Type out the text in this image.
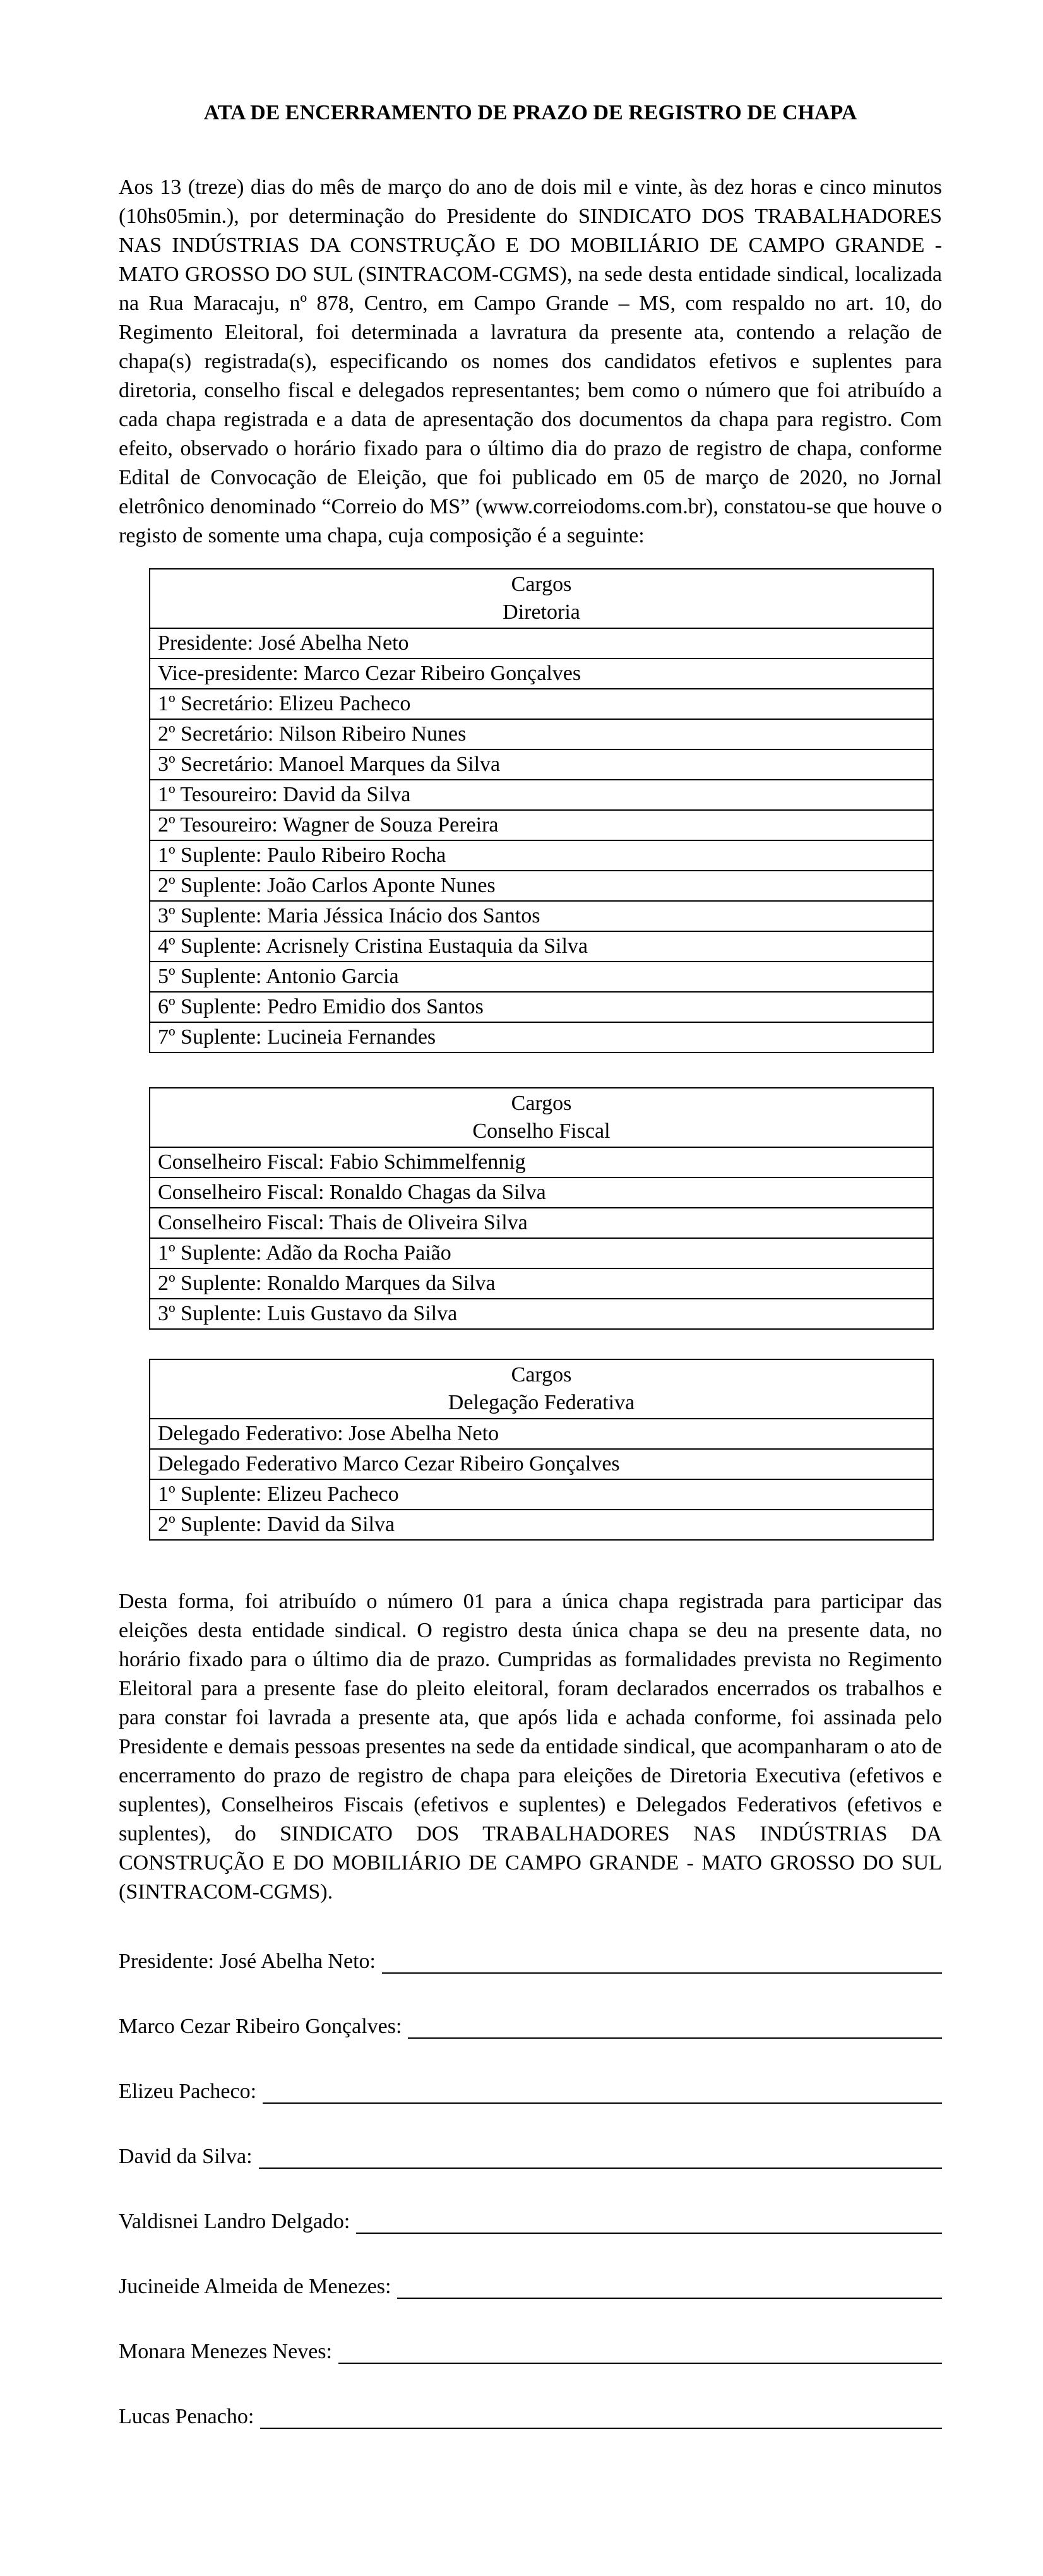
ATA DE ENCERRAMENTO DE PRAZO DE REGISTRO DE CHAPA

Aos 13 (treze) dias do mês de março do ano de dois mil e vinte, às dez horas e cinco minutos (10hs05min.), por determinação do Presidente do SINDICATO DOS TRABALHADORES NAS INDÚSTRIAS DA CONSTRUÇÃO E DO MOBILIÁRIO DE CAMPO GRANDE - MATO GROSSO DO SUL (SINTRACOM-CGMS), na sede desta entidade sindical, localizada na Rua Maracaju, nº 878, Centro, em Campo Grande – MS, com respaldo no art. 10, do Regimento Eleitoral, foi determinada a lavratura da presente ata, contendo a relação de chapa(s) registrada(s), especificando os nomes dos candidatos efetivos e suplentes para diretoria, conselho fiscal e delegados representantes; bem como o número que foi atribuído a cada chapa registrada e a data de apresentação dos documentos da chapa para registro. Com efeito, observado o horário fixado para o último dia do prazo de registro de chapa, conforme Edital de Convocação de Eleição, que foi publicado em 05 de março de 2020, no Jornal eletrônico denominado “Correio do MS” (www.correiodoms.com.br), constatou-se que houve o registo de somente uma chapa, cuja composição é a seguinte:

Cargos
Diretoria

Presidente: José Abelha Neto
Vice-presidente: Marco Cezar Ribeiro Gonçalves
1º Secretário: Elizeu Pacheco
2º Secretário: Nilson Ribeiro Nunes
3º Secretário: Manoel Marques da Silva
1º Tesoureiro: David da Silva
2º Tesoureiro: Wagner de Souza Pereira
1º Suplente: Paulo Ribeiro Rocha
2º Suplente: João Carlos Aponte Nunes
3º Suplente: Maria Jéssica Inácio dos Santos
4º Suplente: Acrisnely Cristina Eustaquia da Silva
5º Suplente: Antonio Garcia
6º Suplente: Pedro Emidio dos Santos
7º Suplente: Lucineia Fernandes
Cargos
Conselho Fiscal

Conselheiro Fiscal: Fabio Schimmelfennig
Conselheiro Fiscal: Ronaldo Chagas da Silva
Conselheiro Fiscal: Thais de Oliveira Silva
1º Suplente: Adão da Rocha Paião
2º Suplente: Ronaldo Marques da Silva
3º Suplente: Luis Gustavo da Silva
Cargos
Delegação Federativa

Delegado Federativo: Jose Abelha Neto
Delegado Federativo Marco Cezar Ribeiro Gonçalves
1º Suplente: Elizeu Pacheco
2º Suplente: David da Silva

Desta forma, foi atribuído o número 01 para a única chapa registrada para participar das eleições desta entidade sindical. O registro desta única chapa se deu na presente data, no horário fixado para o último dia de prazo. Cumpridas as formalidades prevista no Regimento Eleitoral para a presente fase do pleito eleitoral, foram declarados encerrados os trabalhos e para constar foi lavrada a presente ata, que após lida e achada conforme, foi assinada pelo Presidente e demais pessoas presentes na sede da entidade sindical, que acompanharam o ato de encerramento do prazo de registro de chapa para eleições de Diretoria Executiva (efetivos e suplentes), Conselheiros Fiscais (efetivos e suplentes) e Delegados Federativos (efetivos e suplentes), do SINDICATO DOS TRABALHADORES NAS INDÚSTRIAS DA CONSTRUÇÃO E DO MOBILIÁRIO DE CAMPO GRANDE - MATO GROSSO DO SUL (SINTRACOM-CGMS).

Presidente: José Abelha Neto:
Marco Cezar Ribeiro Gonçalves:
Elizeu Pacheco:
David da Silva:
Valdisnei Landro Delgado:
Jucineide Almeida de Menezes:
Monara Menezes Neves:
Lucas Penacho:
